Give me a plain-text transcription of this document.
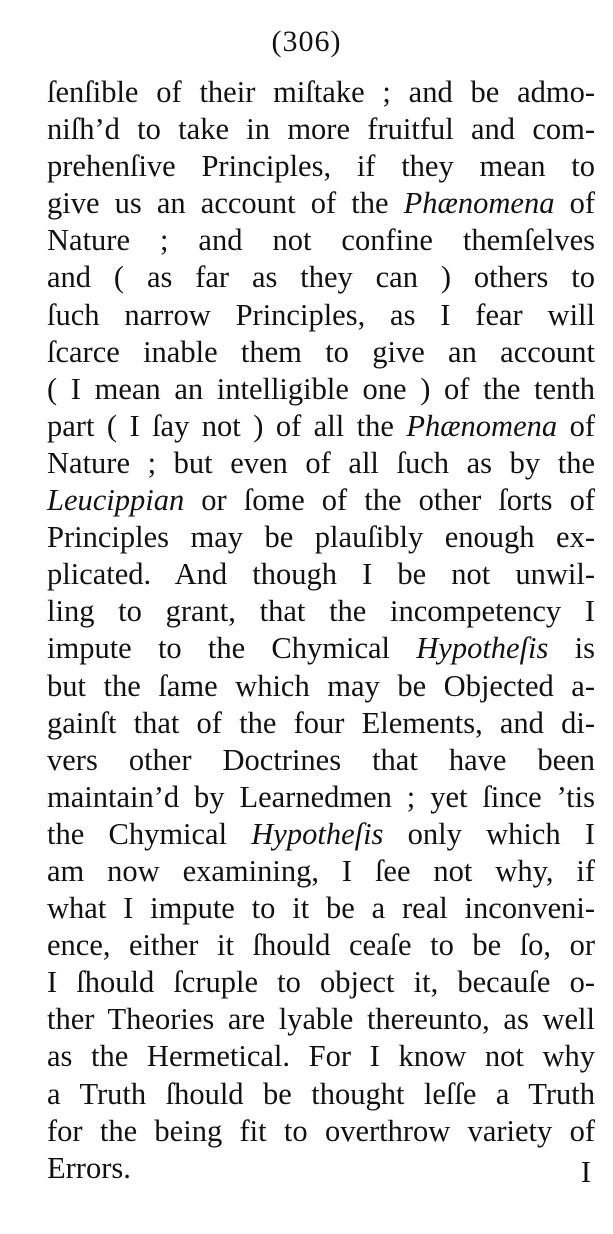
(306)
ſenſible of their miſtake ; and be admo-
niſh’d to take in more fruitful and com-
prehenſive Principles, if they mean to
give us an account of the Phænomena of
Nature ; and not confine themſelves
and ( as far as they can ) others to
ſuch narrow Principles, as I fear will
ſcarce inable them to give an account
( I mean an intelligible one ) of the tenth
part ( I ſay not ) of all the Phænomena of
Nature ; but even of all ſuch as by the
Leucippian or ſome of the other ſorts of
Principles may be plauſibly enough ex-
plicated. And though I be not unwil-
ling to grant, that the incompetency I
impute to the Chymical Hypotheſis is
but the ſame which may be Objected a-
gainſt that of the four Elements, and di-
vers other Doctrines that have been
maintain’d by Learnedmen ; yet ſince ’tis
the Chymical Hypotheſis only which I
am now examining, I ſee not why, if
what I impute to it be a real inconveni-
ence, either it ſhould ceaſe to be ſo, or
I ſhould ſcruple to object it, becauſe o-
ther Theories are lyable thereunto, as well
as the Hermetical. For I know not why
a Truth ſhould be thought leſſe a Truth
for the being fit to overthrow variety of
Errors.	I
